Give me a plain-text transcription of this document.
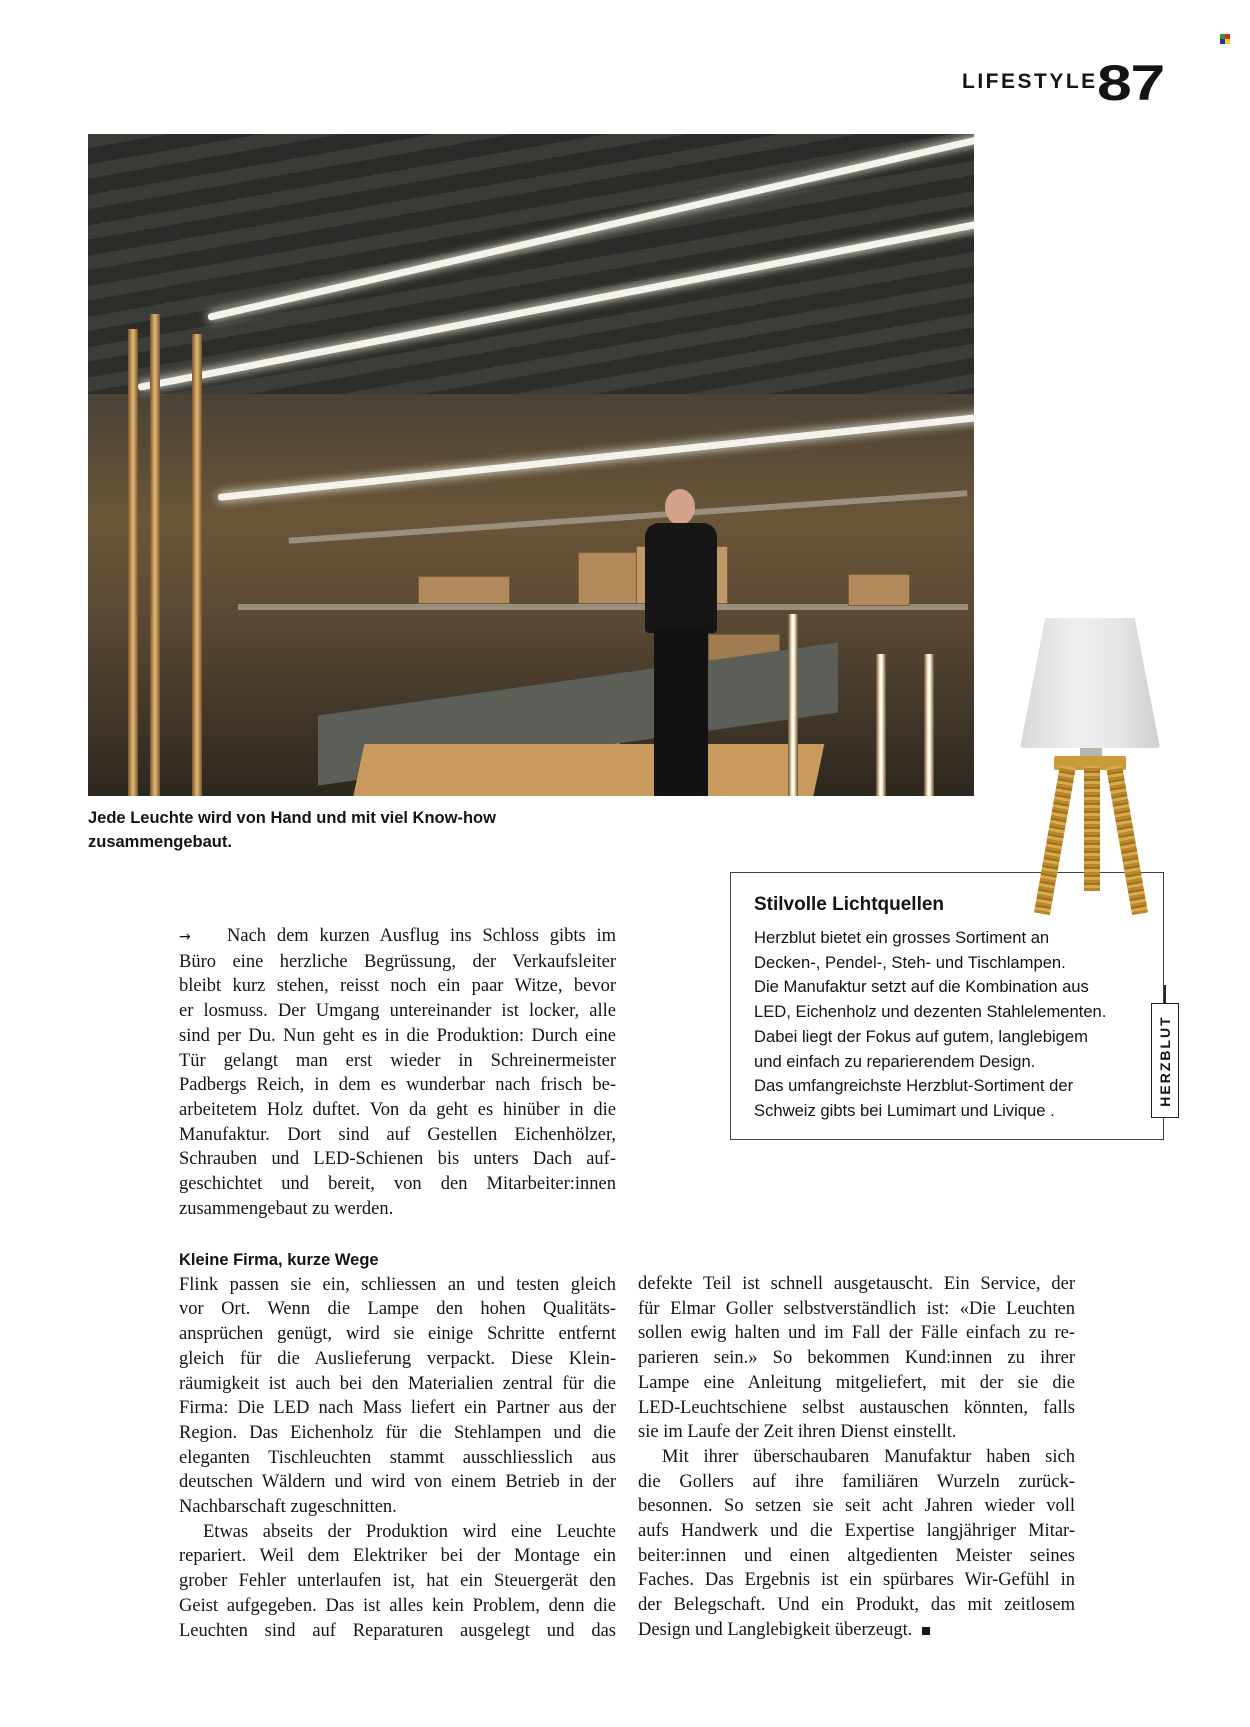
LIFESTYLE 87
Jede Leuchte wird von Hand und mit viel Know-how
zusammengebaut.
Stilvolle Lichtquellen
Herzblut bietet ein grosses Sortiment an
Decken-, Pendel-, Steh- und Tischlampen.
Die Manufaktur setzt auf die Kombination aus
LED, Eichenholz und dezenten Stahlelementen.
Dabei liegt der Fokus auf gutem, langlebigem
und einfach zu reparierendem Design.
Das umfangreichste Herzblut-Sortiment der
Schweiz gibts bei Lumimart und Livique .
HERZBLUT
→ Nach dem kurzen Ausflug ins Schloss gibts im
Büro eine herzliche Begrüssung, der Verkaufsleiter
bleibt kurz stehen, reisst noch ein paar Witze, bevor
er losmuss. Der Umgang untereinander ist locker, alle
sind per Du. Nun geht es in die Produktion: Durch eine
Tür gelangt man erst wieder in Schreinermeister
Padbergs Reich, in dem es wunderbar nach frisch be-
arbeitetem Holz duftet. Von da geht es hinüber in die
Manufaktur. Dort sind auf Gestellen Eichenhölzer,
Schrauben und LED-Schienen bis unters Dach auf-
geschichtet und bereit, von den Mitarbeiter:innen
zusammengebaut zu werden.
Kleine Firma, kurze Wege
Flink passen sie ein, schliessen an und testen gleich
vor Ort. Wenn die Lampe den hohen Qualitäts-
ansprüchen genügt, wird sie einige Schritte entfernt
gleich für die Auslieferung verpackt. Diese Klein-
räumigkeit ist auch bei den Materialien zentral für die
Firma: Die LED nach Mass liefert ein Partner aus der
Region. Das Eichenholz für die Stehlampen und die
eleganten Tischleuchten stammt ausschliesslich aus
deutschen Wäldern und wird von einem Betrieb in der
Nachbarschaft zugeschnitten.
Etwas abseits der Produktion wird eine Leuchte
repariert. Weil dem Elektriker bei der Montage ein
grober Fehler unterlaufen ist, hat ein Steuergerät den
Geist aufgegeben. Das ist alles kein Problem, denn die
Leuchten sind auf Reparaturen ausgelegt und das
defekte Teil ist schnell ausgetauscht. Ein Service, der
für Elmar Goller selbstverständlich ist: «Die Leuchten
sollen ewig halten und im Fall der Fälle einfach zu re-
parieren sein.» So bekommen Kund:innen zu ihrer
Lampe eine Anleitung mitgeliefert, mit der sie die
LED-Leuchtschiene selbst austauschen könnten, falls
sie im Laufe der Zeit ihren Dienst einstellt.
Mit ihrer überschaubaren Manufaktur haben sich
die Gollers auf ihre familiären Wurzeln zurück-
besonnen. So setzen sie seit acht Jahren wieder voll
aufs Handwerk und die Expertise langjähriger Mitar-
beiter:innen und einen altgedienten Meister seines
Faches. Das Ergebnis ist ein spürbares Wir-Gefühl in
der Belegschaft. Und ein Produkt, das mit zeitlosem
Design und Langlebigkeit überzeugt.
